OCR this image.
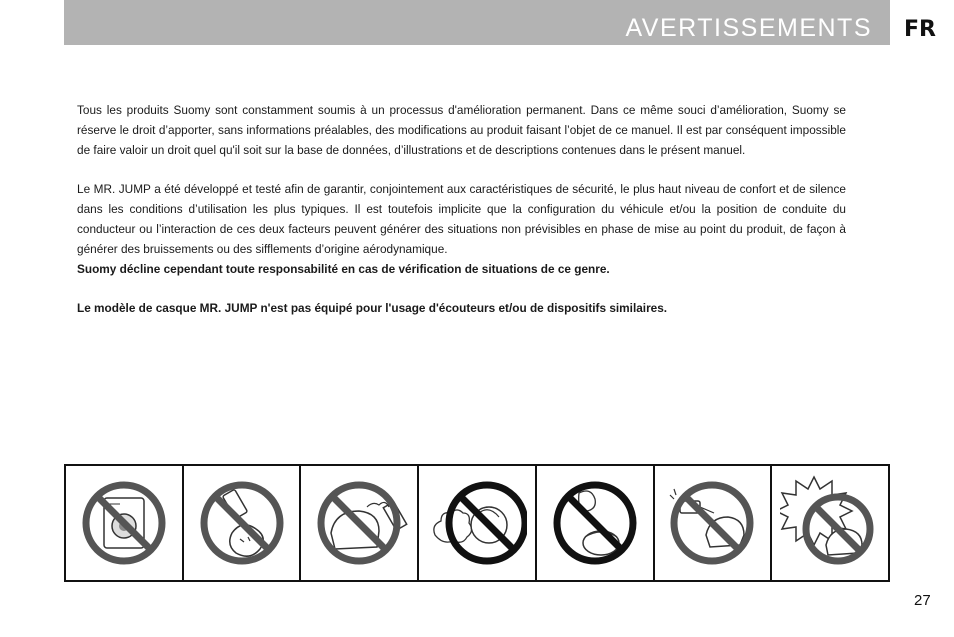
AVERTISSEMENTS FR

Tous les produits Suomy sont constamment soumis à un processus d'amélioration permanent. Dans ce même souci d’amélioration, Suomy se réserve le droit d’apporter, sans informations préalables, des modifications au produit faisant l’objet de ce manuel. Il est par conséquent impossible de faire valoir un droit quel qu'il soit sur la base de données, d’illustrations et de descriptions contenues dans le présent manuel.

Le MR. JUMP a été développé et testé afin de garantir, conjointement aux caractéristiques de sécurité, le plus haut niveau de confort et de silence dans les conditions d’utilisation les plus typiques. Il est toutefois implicite que la configuration du véhicule et/ou la position de conduite du conducteur ou l’interaction de ces deux facteurs peuvent générer des situations non prévisibles en phase de mise au point du produit, de façon à générer des bruissements ou des sifflements d’origine aérodynamique.

Suomy décline cependant toute responsabilité en cas de vérification de situations de ce genre.

Le modèle de casque MR. JUMP n'est pas équipé pour l'usage d'écouteurs et/ou de dispositifs similaires.

27
